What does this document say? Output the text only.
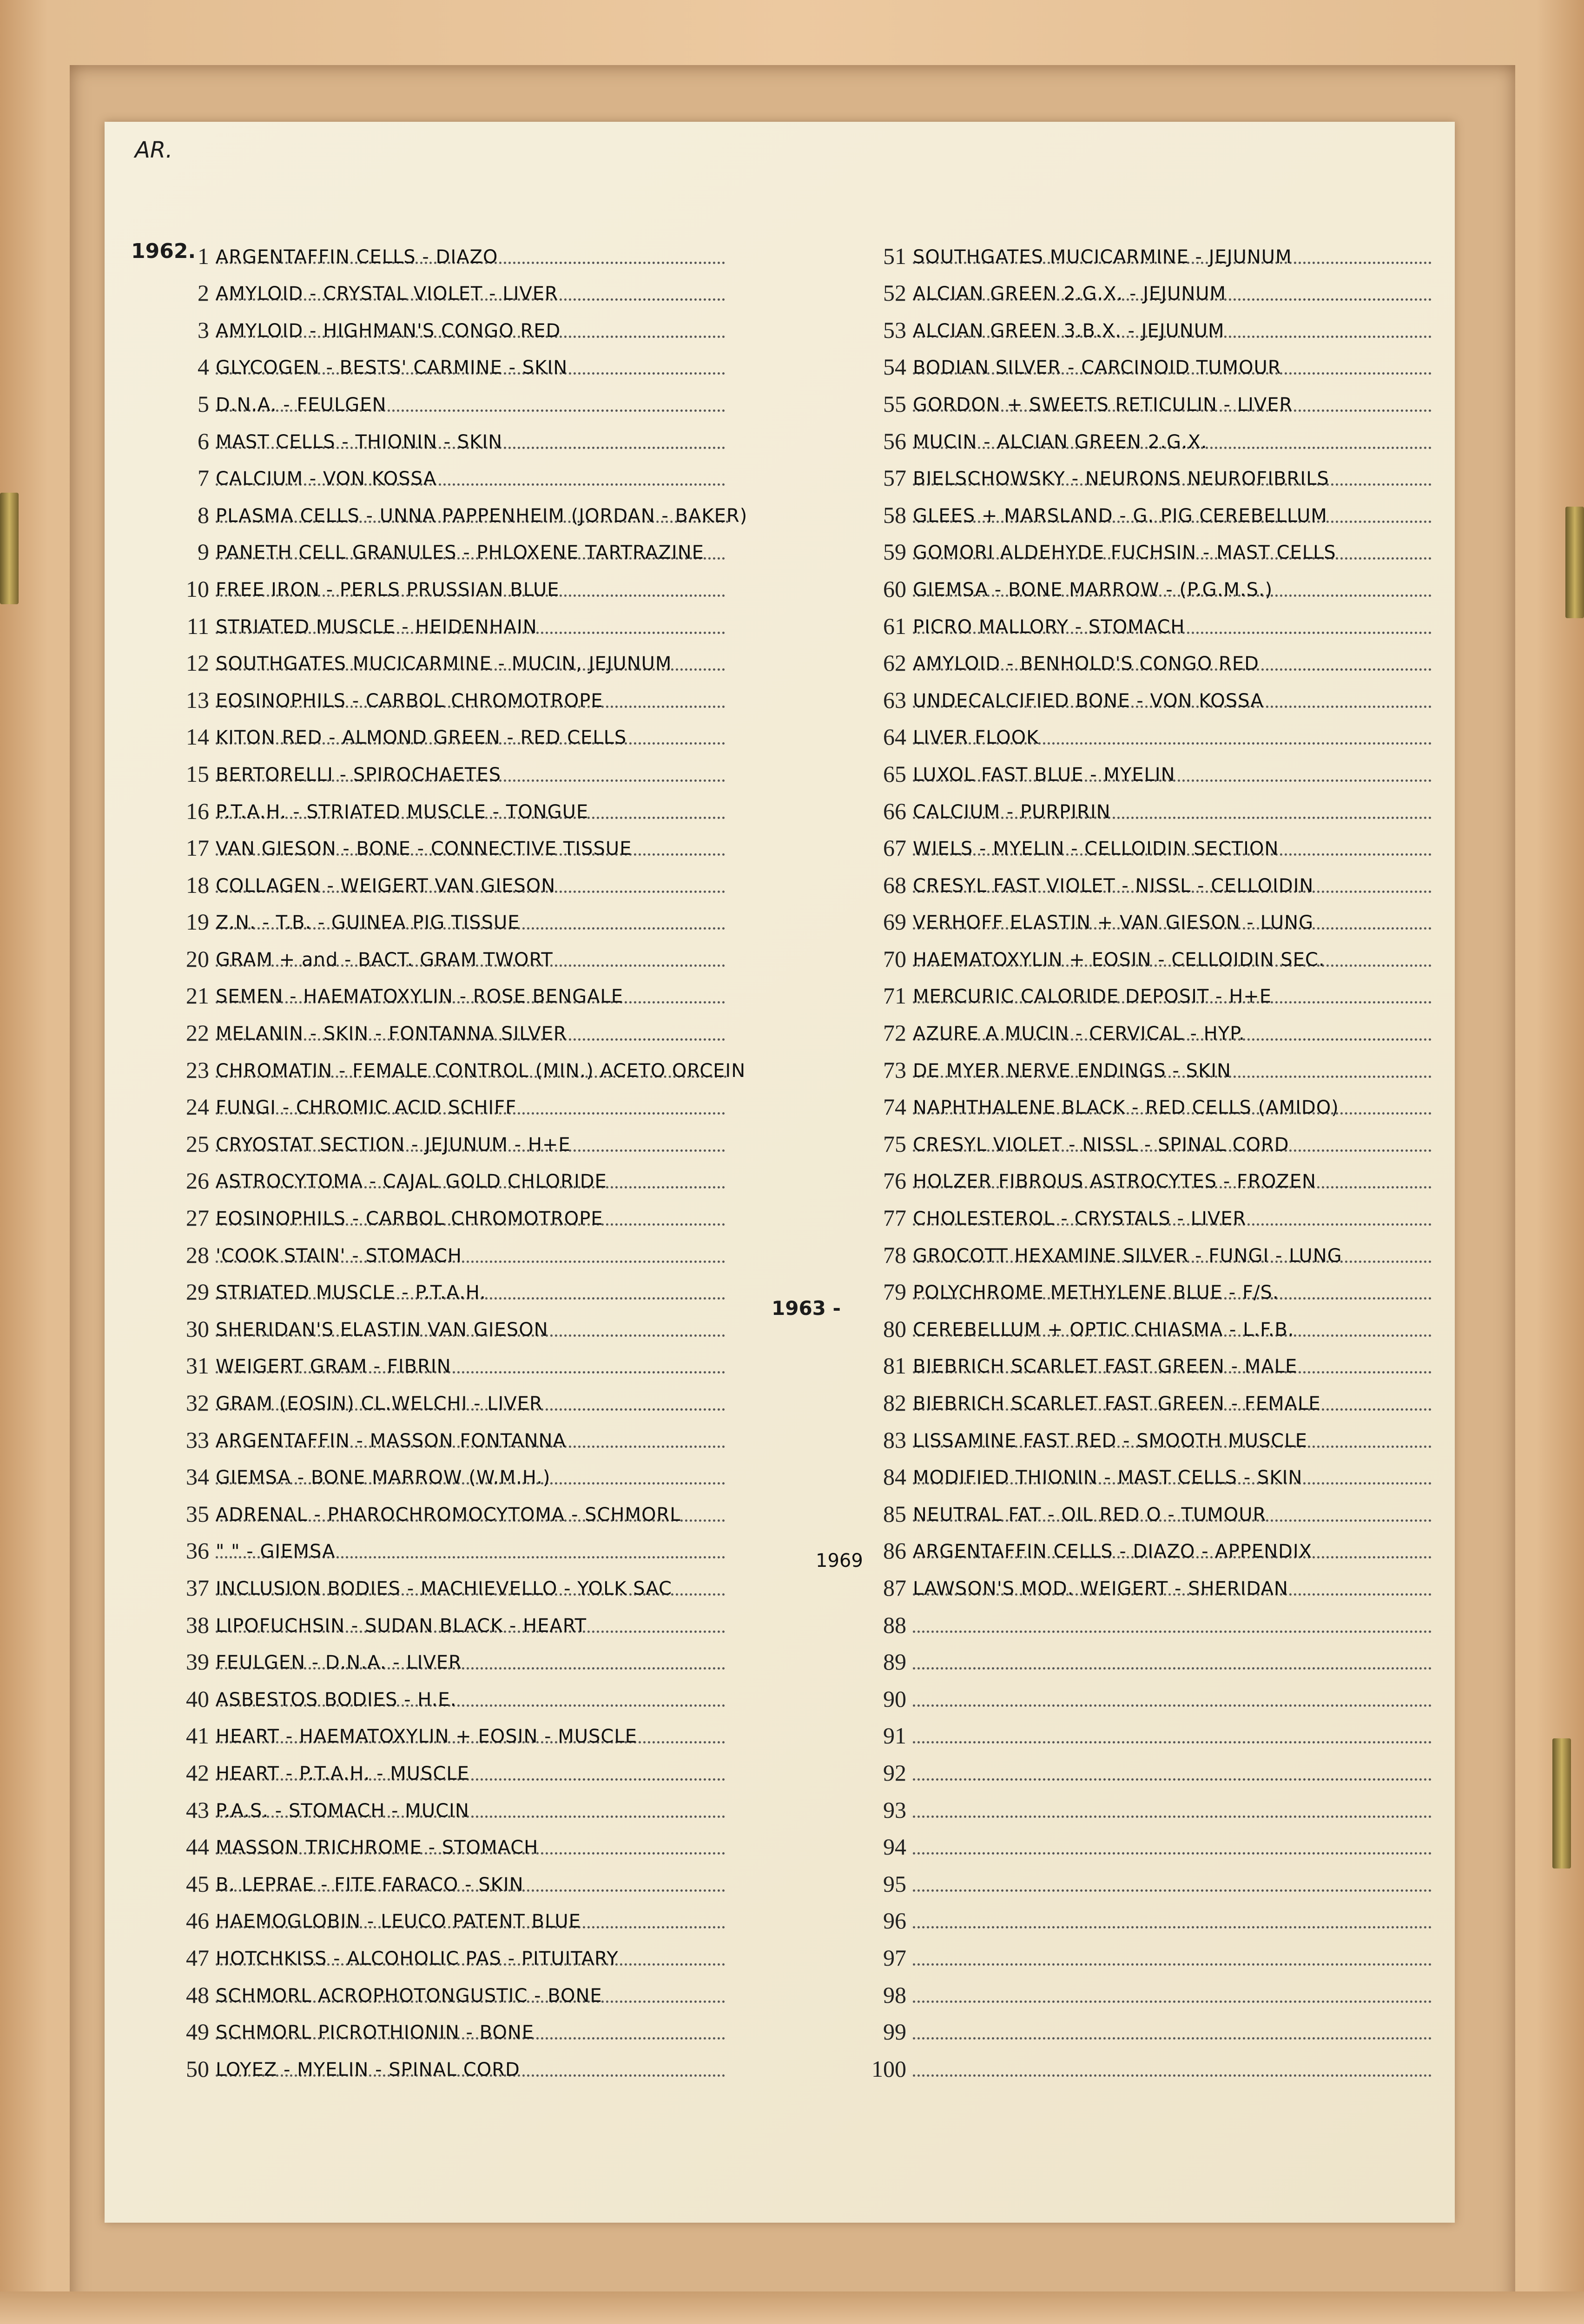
AR.
1962.
1963 -
1 ARGENTAFFIN CELLS - DIAZO
2 AMYLOID - CRYSTAL VIOLET - LIVER
3 AMYLOID - HIGHMAN'S CONGO RED
4 GLYCOGEN - BESTS' CARMINE - SKIN
5 D.N.A. - FEULGEN
6 MAST CELLS - THIONIN - SKIN
7 CALCIUM - VON KOSSA
8 PLASMA CELLS - UNNA PAPPENHEIM (JORDAN - BAKER)
9 PANETH CELL GRANULES - PHLOXENE TARTRAZINE
10 FREE IRON - PERLS PRUSSIAN BLUE
11 STRIATED MUSCLE - HEIDENHAIN
12 SOUTHGATES MUCICARMINE - MUCIN, JEJUNUM
13 EOSINOPHILS - CARBOL CHROMOTROPE
14 KITON RED - ALMOND GREEN - RED CELLS
15 BERTORELLI - SPIROCHAETES
16 P.T.A.H. - STRIATED MUSCLE - TONGUE
17 VAN GIESON - BONE - CONNECTIVE TISSUE
18 COLLAGEN - WEIGERT VAN GIESON
19 Z.N. - T.B. - GUINEA PIG TISSUE
20 GRAM + and - BACT. GRAM TWORT
21 SEMEN - HAEMATOXYLIN - ROSE BENGALE
22 MELANIN - SKIN - FONTANNA SILVER
23 CHROMATIN - FEMALE CONTROL (MIN.) ACETO ORCEIN
24 FUNGI - CHROMIC ACID SCHIFF
25 CRYOSTAT SECTION - JEJUNUM - H+E
26 ASTROCYTOMA - CAJAL GOLD CHLORIDE
27 EOSINOPHILS - CARBOL CHROMOTROPE
28 'COOK STAIN' - STOMACH
29 STRIATED MUSCLE - P.T.A.H.
30 SHERIDAN'S ELASTIN VAN GIESON
31 WEIGERT GRAM - FIBRIN
32 GRAM (EOSIN) CL.WELCHI - LIVER
33 ARGENTAFFIN - MASSON FONTANNA
34 GIEMSA - BONE MARROW (W.M.H.)
35 ADRENAL - PHAROCHROMOCYTOMA - SCHMORL
36 " " - GIEMSA
37 INCLUSION BODIES - MACHIEVELLO - YOLK SAC
38 LIPOFUCHSIN - SUDAN BLACK - HEART
39 FEULGEN - D.N.A. - LIVER
40 ASBESTOS BODIES - H.E.
41 HEART - HAEMATOXYLIN + EOSIN - MUSCLE
42 HEART - P.T.A.H. - MUSCLE
43 P.A.S. - STOMACH - MUCIN
44 MASSON TRICHROME - STOMACH
45 B. LEPRAE - FITE FARACO - SKIN
46 HAEMOGLOBIN - LEUCO PATENT BLUE
47 HOTCHKISS - ALCOHOLIC PAS - PITUITARY
48 SCHMORL ACROPHOTONGUSTIC - BONE
49 SCHMORL PICROTHIONIN - BONE
50 LOYEZ - MYELIN - SPINAL CORD
51 SOUTHGATES MUCICARMINE - JEJUNUM
52 ALCIAN GREEN 2.G.X. - JEJUNUM
53 ALCIAN GREEN 3.B.X. - JEJUNUM
54 BODIAN SILVER - CARCINOID TUMOUR
55 GORDON + SWEETS RETICULIN - LIVER
56 MUCIN - ALCIAN GREEN 2.G.X.
57 BIELSCHOWSKY - NEURONS NEUROFIBRILS
58 GLEES + MARSLAND - G. PIG CEREBELLUM
59 GOMORI ALDEHYDE FUCHSIN - MAST CELLS
60 GIEMSA - BONE MARROW - (P.G.M.S.)
61 PICRO MALLORY - STOMACH
62 AMYLOID - BENHOLD'S CONGO RED
63 UNDECALCIFIED BONE - VON KOSSA
64 LIVER FLOOK
65 LUXOL FAST BLUE - MYELIN
66 CALCIUM - PURPIRIN
67 WIELS - MYELIN - CELLOIDIN SECTION
68 CRESYL FAST VIOLET - NISSL - CELLOIDIN
69 VERHOFF ELASTIN + VAN GIESON - LUNG
70 HAEMATOXYLIN + EOSIN - CELLOIDIN SEC.
71 MERCURIC CALORIDE DEPOSIT - H+E
72 AZURE A MUCIN - CERVICAL - HYP.
73 DE MYER NERVE ENDINGS - SKIN
74 NAPHTHALENE BLACK - RED CELLS (AMIDO)
75 CRESYL VIOLET - NISSL - SPINAL CORD
76 HOLZER FIBROUS ASTROCYTES - FROZEN
77 CHOLESTEROL - CRYSTALS - LIVER
78 GROCOTT HEXAMINE SILVER - FUNGI - LUNG
79 POLYCHROME METHYLENE BLUE - F/S.
80 CEREBELLUM + OPTIC CHIASMA - L.F.B.
81 BIEBRICH SCARLET FAST GREEN - MALE
82 BIEBRICH SCARLET FAST GREEN - FEMALE
83 LISSAMINE FAST RED - SMOOTH MUSCLE
84 MODIFIED THIONIN - MAST CELLS - SKIN
85 NEUTRAL FAT - OIL RED O - TUMOUR
86 ARGENTAFFIN CELLS - DIAZO - APPENDIX
87 LAWSON'S MOD. WEIGERT - SHERIDAN
88
89
90
91
92
93
94
95
96
97
98
99
100
1969
